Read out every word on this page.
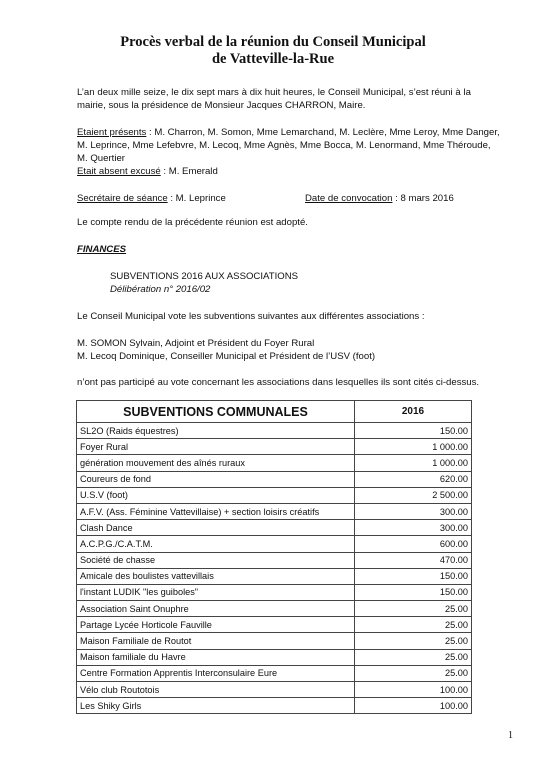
Procès verbal de la réunion du Conseil Municipal
de Vatteville-la-Rue
L’an deux mille seize, le dix sept mars à dix huit heures, le Conseil Municipal, s’est réuni à la
mairie, sous la présidence de Monsieur Jacques CHARRON, Maire.
Etaient présents : M. Charron, M. Somon, Mme Lemarchand, M. Leclère, Mme Leroy, Mme Danger,
M. Leprince, Mme Lefebvre, M. Lecoq, Mme Agnès, Mme Bocca, M. Lenormand, Mme Théroude,
M. Quertier
Etait absent excusé : M. Emerald
Secrétaire de séance : M. Leprince	Date de convocation : 8 mars 2016
Le compte rendu de la précédente réunion est adopté.
FINANCES
SUBVENTIONS 2016 AUX ASSOCIATIONS
Délibération n° 2016/02
Le Conseil Municipal vote les subventions suivantes aux différentes associations :
M. SOMON Sylvain, Adjoint et Président du Foyer Rural
M. Lecoq Dominique, Conseiller Municipal et Président de l’USV (foot)
n’ont pas participé au vote concernant les associations dans lesquelles ils sont cités ci-dessus.
SUBVENTIONS COMMUNALES	2016
SL2O (Raids équestres)	150.00
Foyer Rural	1 000.00
génération mouvement des aînés ruraux	1 000.00
Coureurs de fond	620.00
U.S.V (foot)	2 500.00
A.F.V. (Ass. Féminine Vattevillaise) + section loisirs créatifs	300.00
Clash Dance	300.00
A.C.P.G./C.A.T.M.	600.00
Société de chasse	470.00
Amicale des boulistes vattevillais	150.00
l'instant LUDIK "les guiboles"	150.00
Association Saint Onuphre	25.00
Partage Lycée Horticole Fauville	25.00
Maison Familiale de Routot	25.00
Maison familiale du Havre	25.00
Centre Formation Apprentis Interconsulaire Eure	25.00
Vélo club Routotois	100.00
Les Shiky Girls	100.00
1
